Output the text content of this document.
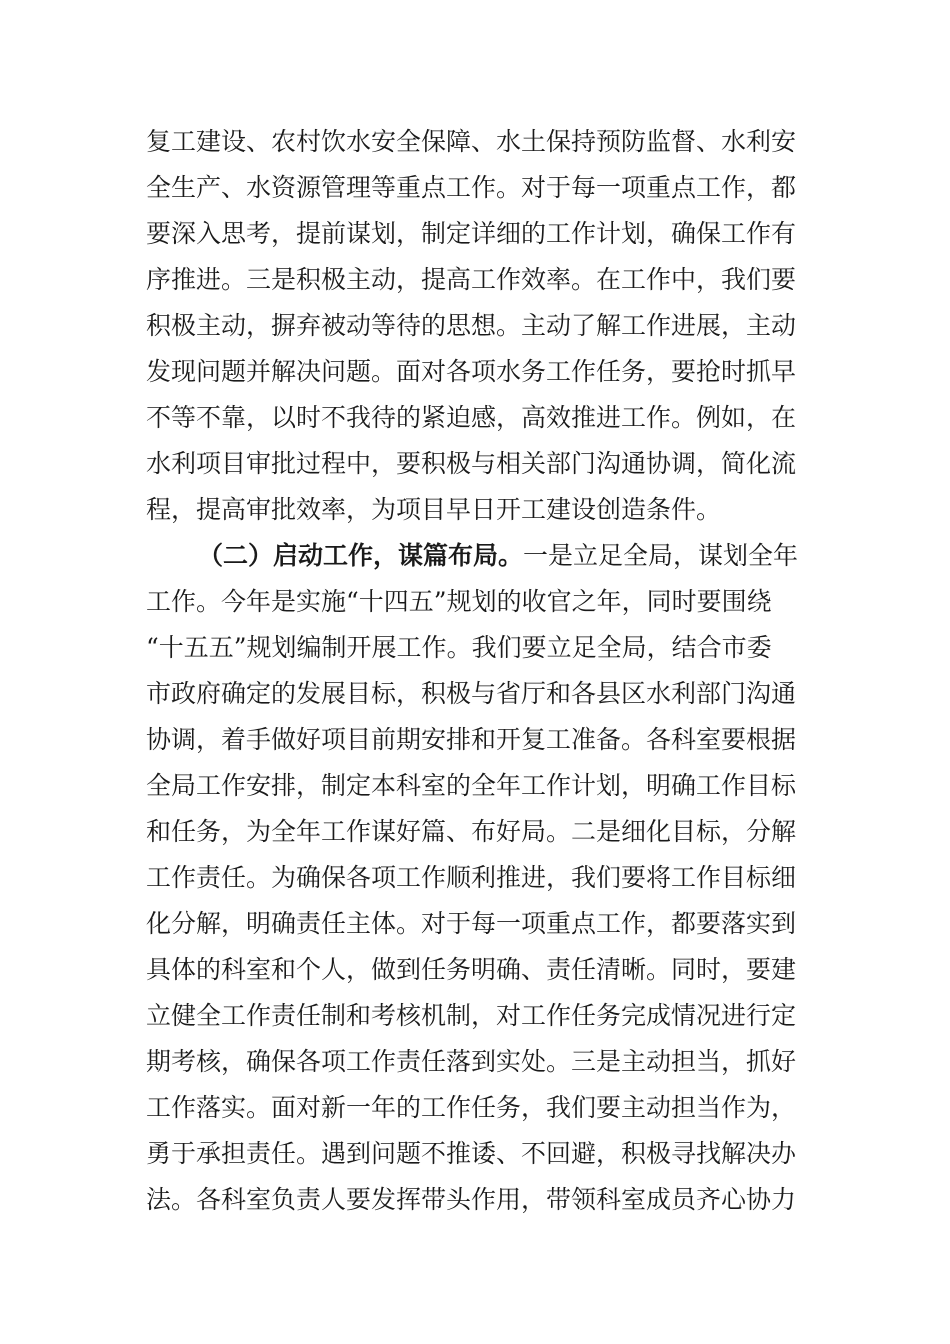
复工建设、农村饮水安全保障、水土保持预防监督、水利安
全生产、水资源管理等重点工作。对于每一项重点工作，都
要深入思考，提前谋划，制定详细的工作计划，确保工作有
序推进。三是积极主动，提高工作效率。在工作中，我们要
积极主动，摒弃被动等待的思想。主动了解工作进展，主动
发现问题并解决问题。面对各项水务工作任务，要抢时抓早
不等不靠，以时不我待的紧迫感，高效推进工作。例如，在
水利项目审批过程中，要积极与相关部门沟通协调，简化流
程，提高审批效率，为项目早日开工建设创造条件。
（二）启动工作，谋篇布局。一是立足全局，谋划全年
工作。今年是实施“十四五”规划的收官之年，同时要围绕
“十五五”规划编制开展工作。我们要立足全局，结合市委
市政府确定的发展目标，积极与省厅和各县区水利部门沟通
协调，着手做好项目前期安排和开复工准备。各科室要根据
全局工作安排，制定本科室的全年工作计划，明确工作目标
和任务，为全年工作谋好篇、布好局。二是细化目标，分解
工作责任。为确保各项工作顺利推进，我们要将工作目标细
化分解，明确责任主体。对于每一项重点工作，都要落实到
具体的科室和个人，做到任务明确、责任清晰。同时，要建
立健全工作责任制和考核机制，对工作任务完成情况进行定
期考核，确保各项工作责任落到实处。三是主动担当，抓好
工作落实。面对新一年的工作任务，我们要主动担当作为，
勇于承担责任。遇到问题不推诿、不回避，积极寻找解决办
法。各科室负责人要发挥带头作用，带领科室成员齐心协力
